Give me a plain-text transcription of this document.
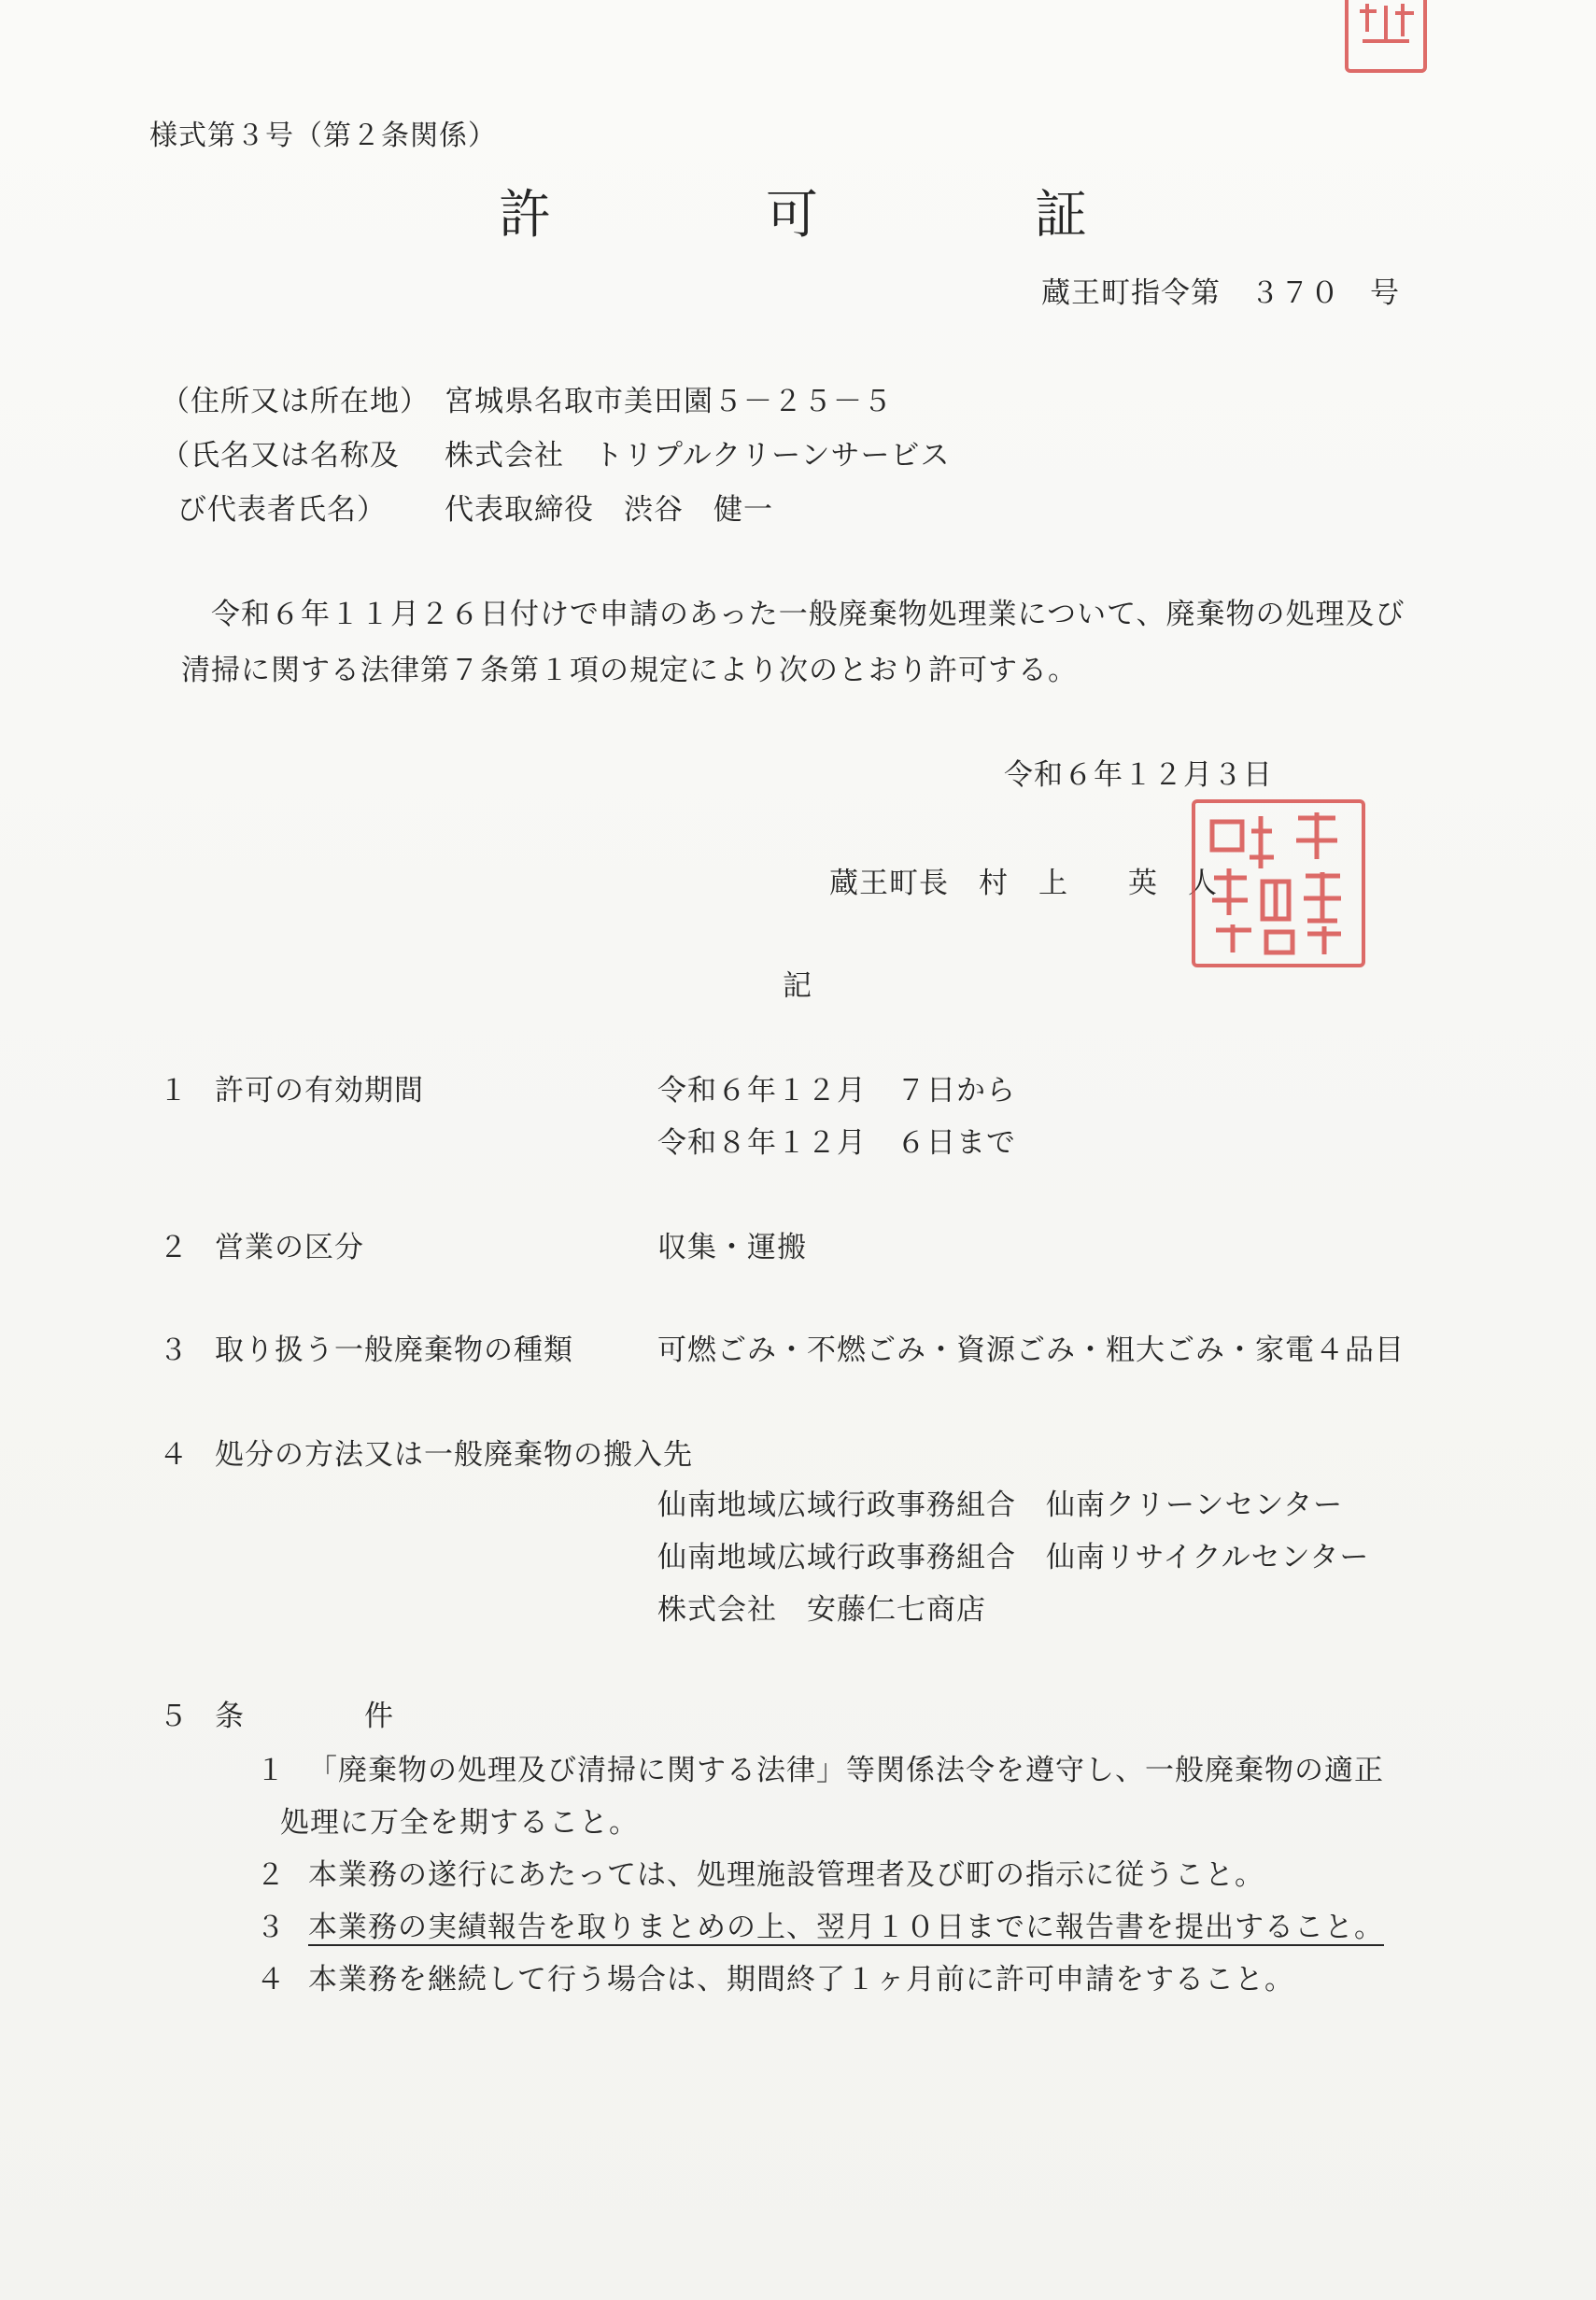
様式第３号（第２条関係）
許	可	証
蔵王町指令第　３７０　号
（住所又は所在地） 宮城県名取市美田園５－２５－５
（氏名又は名称及 株式会社　トリプルクリーンサービス
び代表者氏名） 代表取締役　渋谷　健一
令和６年１１月２６日付けで申請のあった一般廃棄物処理業について、廃棄物の処理及び
清掃に関する法律第７条第１項の規定により次のとおり許可する。
令和６年１２月３日
蔵王町長　村　上　　英　人
記
１ 許可の有効期間	令和６年１２月　７日から
令和８年１２月　６日まで
２ 営業の区分	収集・運搬
３ 取り扱う一般廃棄物の種類	可燃ごみ・不燃ごみ・資源ごみ・粗大ごみ・家電４品目
４ 処分の方法又は一般廃棄物の搬入先
仙南地域広域行政事務組合　仙南クリーンセンター
仙南地域広域行政事務組合　仙南リサイクルセンター
株式会社　安藤仁七商店
５ 条　　　　件
１ 「廃棄物の処理及び清掃に関する法律」等関係法令を遵守し、一般廃棄物の適正
処理に万全を期すること。
２ 本業務の遂行にあたっては、処理施設管理者及び町の指示に従うこと。
３ 本業務の実績報告を取りまとめの上、翌月１０日までに報告書を提出すること。
４ 本業務を継続して行う場合は、期間終了１ヶ月前に許可申請をすること。
